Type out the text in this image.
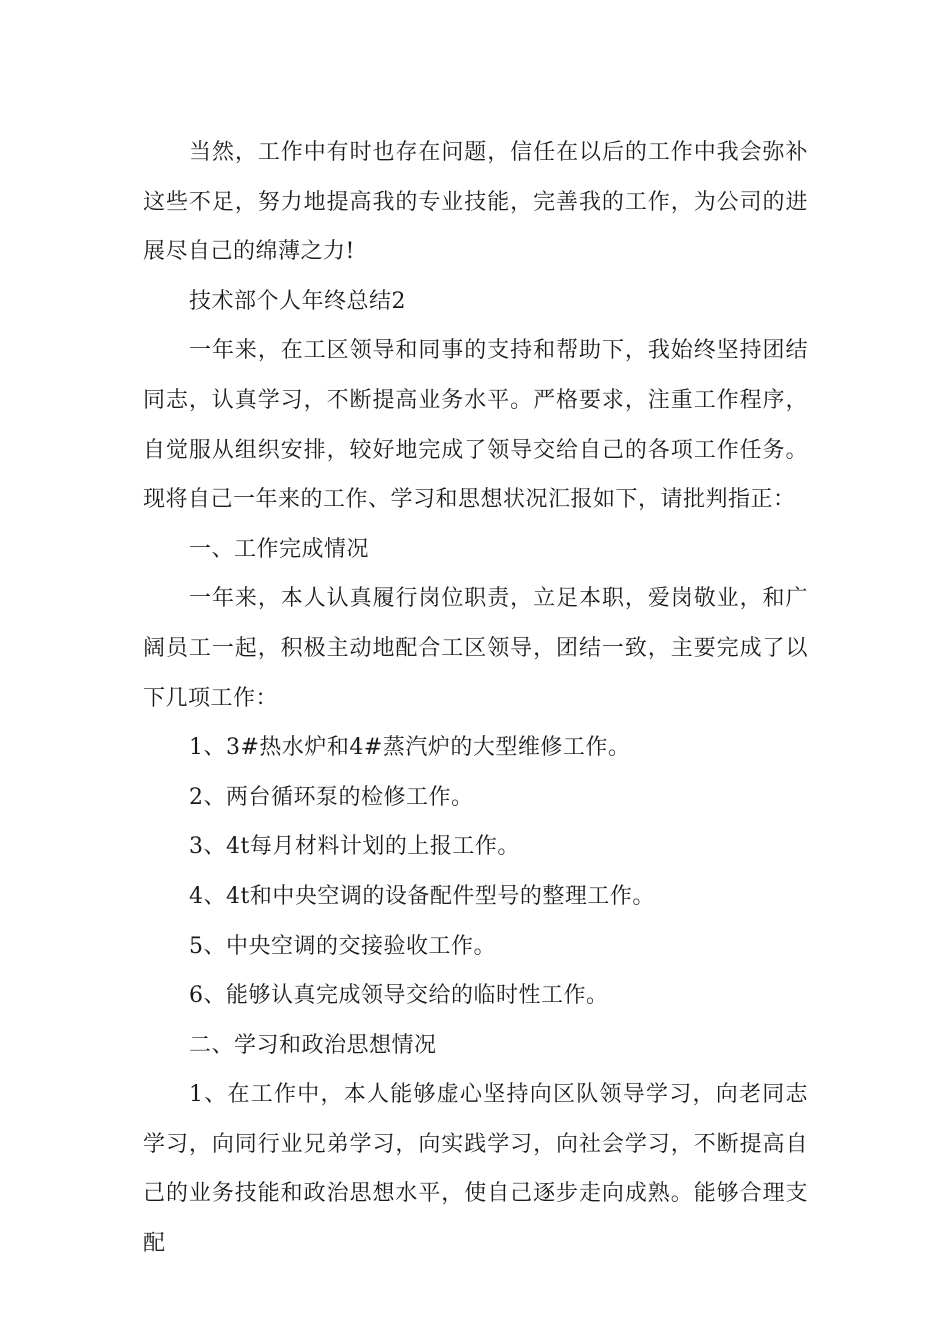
当然，工作中有时也存在问题，信任在以后的工作中我会弥补这些不足，努力地提高我的专业技能，完善我的工作，为公司的进展尽自己的绵薄之力!

技术部个人年终总结2

一年来，在工区领导和同事的支持和帮助下，我始终坚持团结同志，认真学习，不断提高业务水平。严格要求，注重工作程序，自觉服从组织安排，较好地完成了领导交给自己的各项工作任务。现将自己一年来的工作、学习和思想状况汇报如下，请批判指正：

一、工作完成情况

一年来，本人认真履行岗位职责，立足本职，爱岗敬业，和广阔员工一起，积极主动地配合工区领导，团结一致，主要完成了以下几项工作：

1、3#热水炉和4#蒸汽炉的大型维修工作。

2、两台循环泵的检修工作。

3、4t每月材料计划的上报工作。

4、4t和中央空调的设备配件型号的整理工作。

5、中央空调的交接验收工作。

6、能够认真完成领导交给的临时性工作。

二、学习和政治思想情况

1、在工作中，本人能够虚心坚持向区队领导学习，向老同志学习，向同行业兄弟学习，向实践学习，向社会学习，不断提高自己的业务技能和政治思想水平，使自己逐步走向成熟。能够合理支配
